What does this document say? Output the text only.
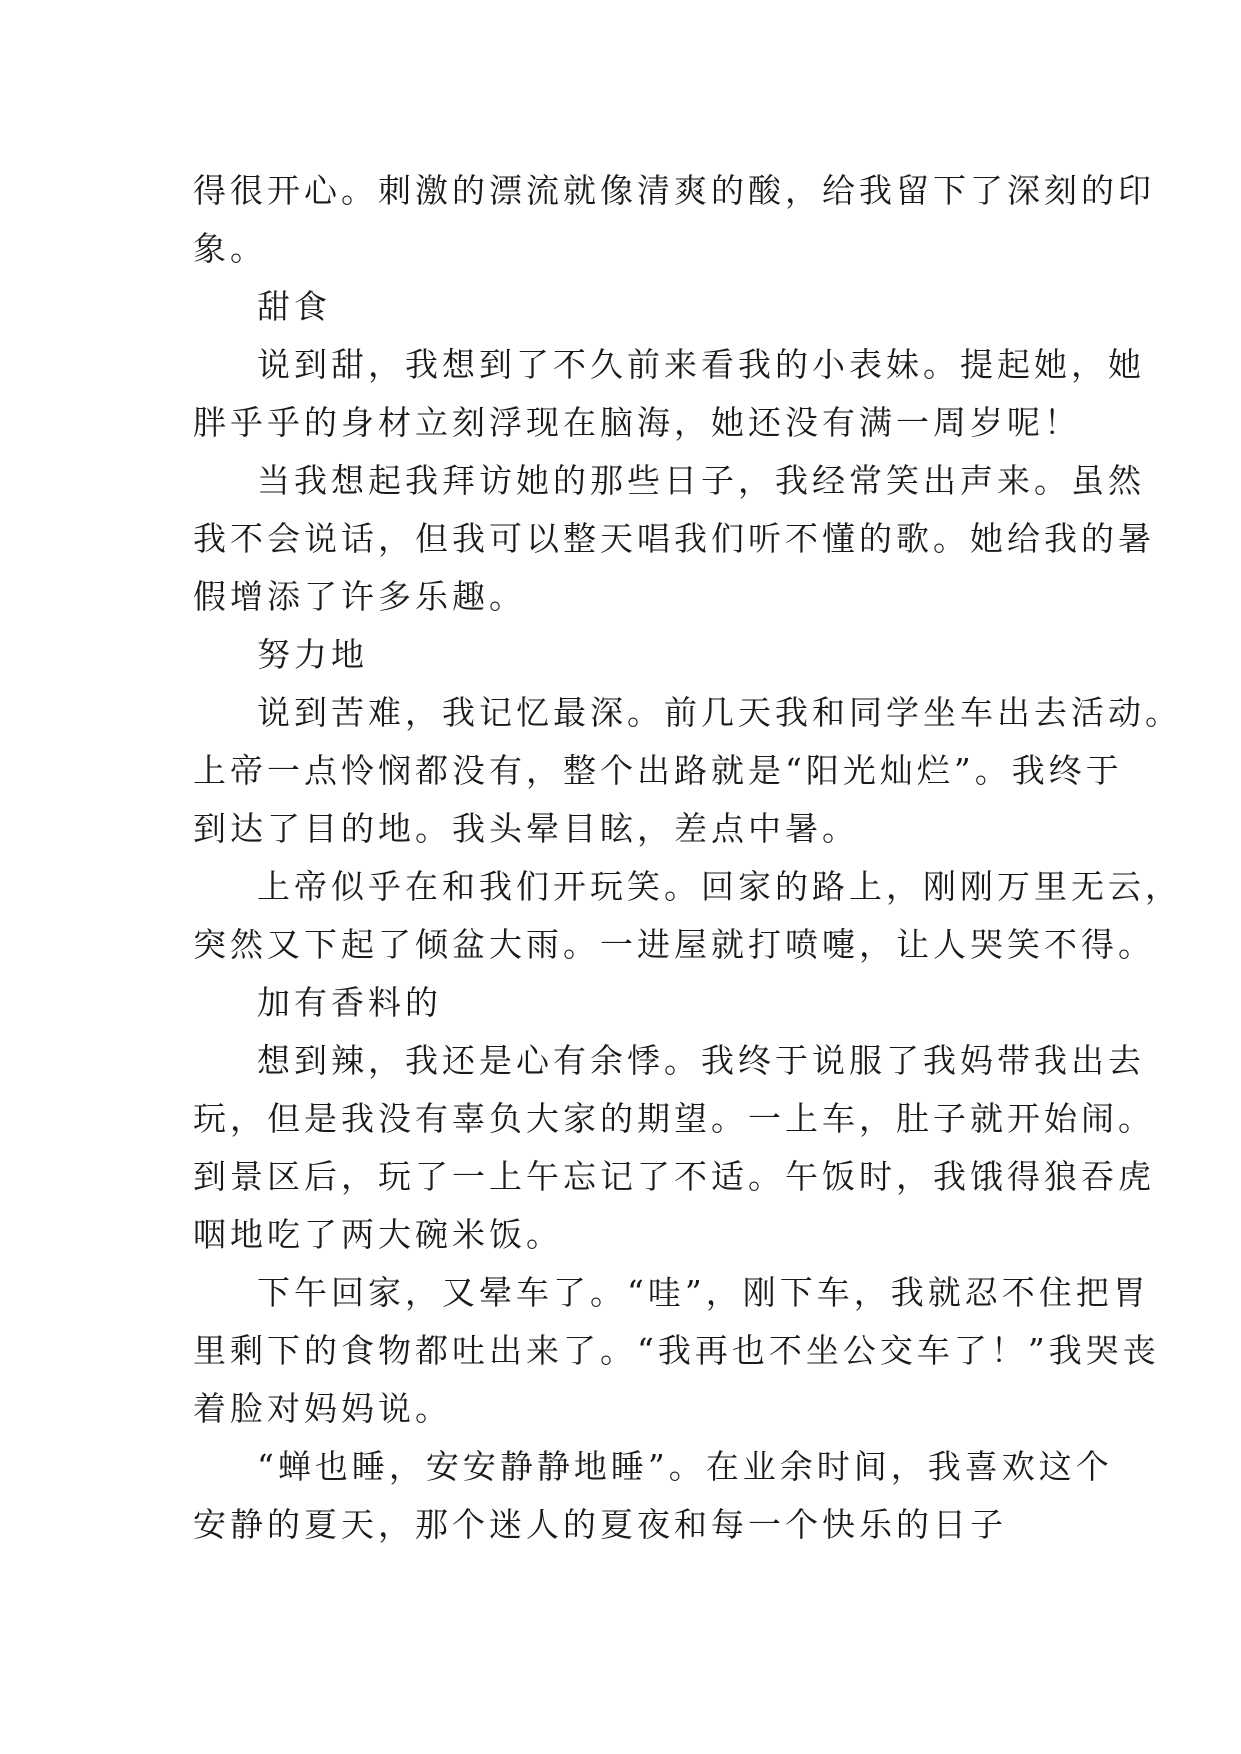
得很开心。刺激的漂流就像清爽的酸，给我留下了深刻的印
象。
甜食
说到甜，我想到了不久前来看我的小表妹。提起她，她
胖乎乎的身材立刻浮现在脑海，她还没有满一周岁呢！
当我想起我拜访她的那些日子，我经常笑出声来。虽然
我不会说话，但我可以整天唱我们听不懂的歌。她给我的暑
假增添了许多乐趣。
努力地
说到苦难，我记忆最深。前几天我和同学坐车出去活动。
上帝一点怜悯都没有，整个出路就是“阳光灿烂”。我终于
到达了目的地。我头晕目眩，差点中暑。
上帝似乎在和我们开玩笑。回家的路上，刚刚万里无云，
突然又下起了倾盆大雨。一进屋就打喷嚏，让人哭笑不得。
加有香料的
想到辣，我还是心有余悸。我终于说服了我妈带我出去
玩，但是我没有辜负大家的期望。一上车，肚子就开始闹。
到景区后，玩了一上午忘记了不适。午饭时，我饿得狼吞虎
咽地吃了两大碗米饭。
下午回家，又晕车了。“哇”，刚下车，我就忍不住把胃
里剩下的食物都吐出来了。“我再也不坐公交车了！”我哭丧
着脸对妈妈说。
“蝉也睡，安安静静地睡”。在业余时间，我喜欢这个
安静的夏天，那个迷人的夏夜和每一个快乐的日子
